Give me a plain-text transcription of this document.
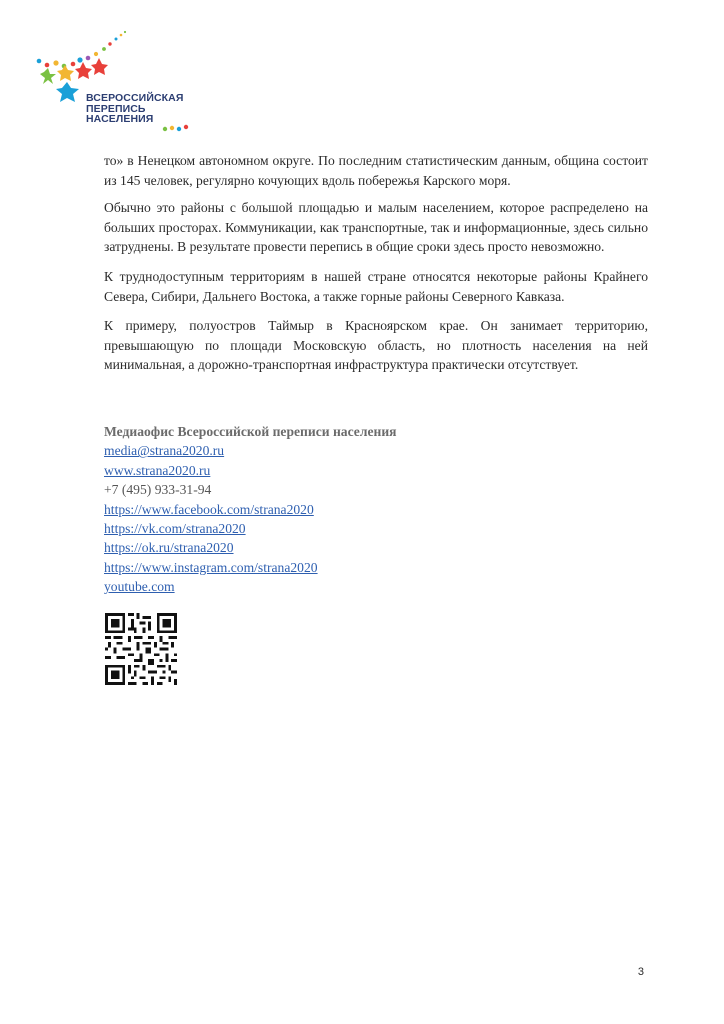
ВСЕРОССИЙСКАЯ
ПЕРЕПИСЬ
НАСЕЛЕНИЯ

то» в Ненецком автономном округе. По последним статистическим данным, община состоит из 145 человек, регулярно кочующих вдоль побережья Карского моря.

Обычно это районы с большой площадью и малым населением, которое распределено на больших просторах. Коммуникации, как транспортные, так и информационные, здесь сильно затруднены. В результате провести перепись в общие сроки здесь просто невозможно.

К труднодоступным территориям в нашей стране относятся некоторые районы Крайнего Севера, Сибири, Дальнего Востока, а также горные районы Северного Кавказа.

К примеру, полуостров Таймыр в Красноярском крае. Он занимает территорию, превышающую по площади Московскую область, но плотность населения на ней минимальная, а дорожно-транспортная инфраструктура практически отсутствует.

Медиаофис Всероссийской переписи населения
media@strana2020.ru
www.strana2020.ru
+7 (495) 933-31-94
https://www.facebook.com/strana2020
https://vk.com/strana2020
https://ok.ru/strana2020
https://www.instagram.com/strana2020
youtube.com
3
